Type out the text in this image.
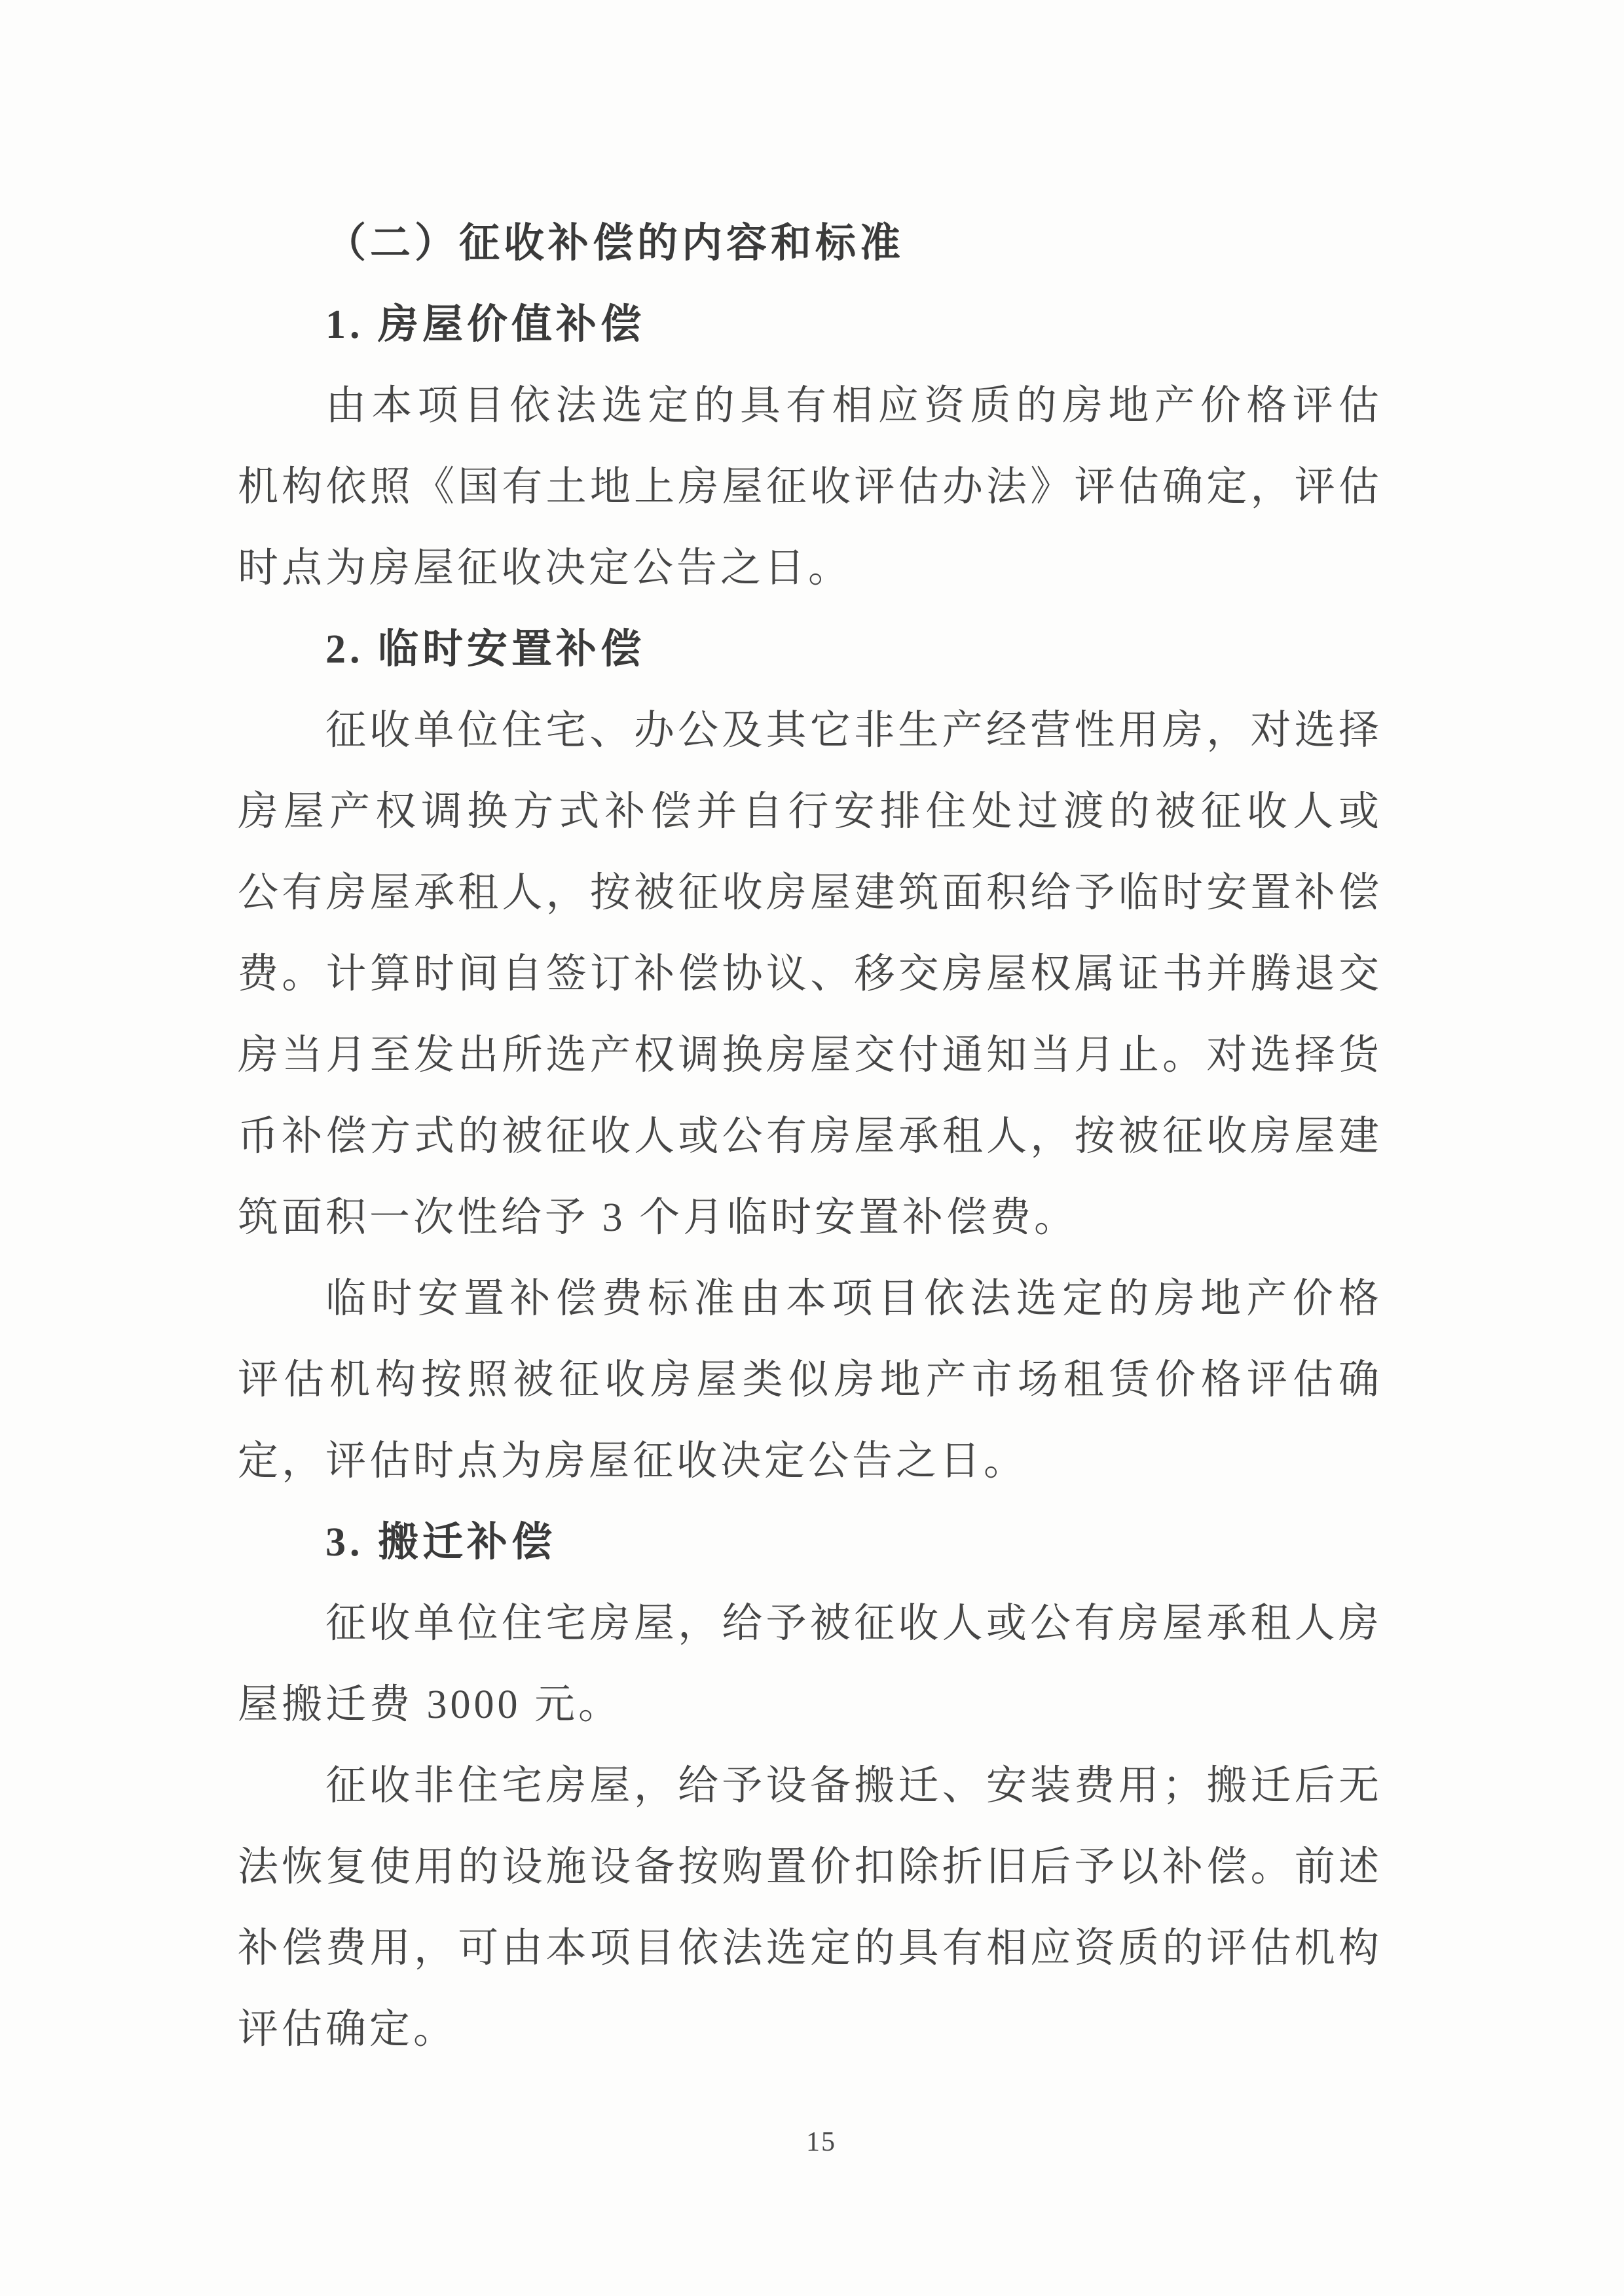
（二）征收补偿的内容和标准
1. 房屋价值补偿
由本项目依法选定的具有相应资质的房地产价格评估
机构依照《国有土地上房屋征收评估办法》评估确定，评估
时点为房屋征收决定公告之日。
2. 临时安置补偿
征收单位住宅、办公及其它非生产经营性用房，对选择
房屋产权调换方式补偿并自行安排住处过渡的被征收人或
公有房屋承租人，按被征收房屋建筑面积给予临时安置补偿
费。计算时间自签订补偿协议、移交房屋权属证书并腾退交
房当月至发出所选产权调换房屋交付通知当月止。对选择货
币补偿方式的被征收人或公有房屋承租人，按被征收房屋建
筑面积一次性给予 3 个月临时安置补偿费。
临时安置补偿费标准由本项目依法选定的房地产价格
评估机构按照被征收房屋类似房地产市场租赁价格评估确
定，评估时点为房屋征收决定公告之日。
3. 搬迁补偿
征收单位住宅房屋，给予被征收人或公有房屋承租人房
屋搬迁费 3000 元。
征收非住宅房屋，给予设备搬迁、安装费用；搬迁后无
法恢复使用的设施设备按购置价扣除折旧后予以补偿。前述
补偿费用，可由本项目依法选定的具有相应资质的评估机构
评估确定。
15
